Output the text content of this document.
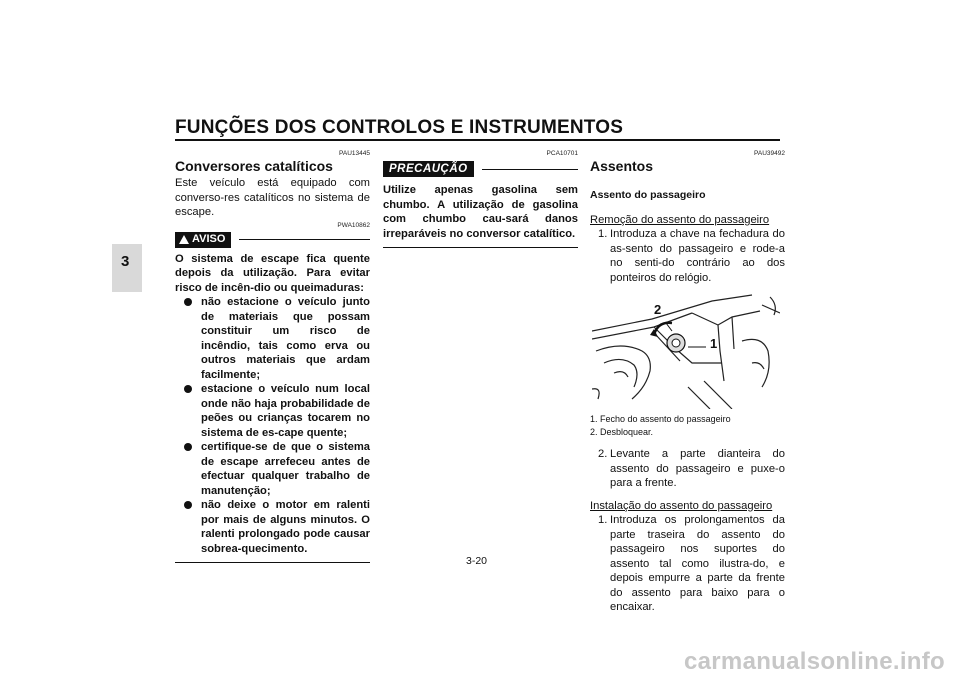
FUNÇÕES DOS CONTROLOS E INSTRUMENTOS
3
PAU13445
Conversores catalíticos

Este veículo está equipado com converso-res catalíticos no sistema de escape.

PWA10862
AVISO

O sistema de escape fica quente depois da utilização. Para evitar risco de incên-dio ou queimaduras:

não estacione o veículo junto de materiais que possam constituir um risco de incêndio, tais como erva ou outros materiais que ardam facilmente;
estacione o veículo num local onde não haja probabilidade de peões ou crianças tocarem no sistema de es-cape quente;
certifique-se de que o sistema de escape arrefeceu antes de efectuar qualquer trabalho de manutenção;
não deixe o motor em ralenti por mais de alguns minutos. O ralenti prolongado pode causar sobrea-quecimento.
PCA10701
PRECAUÇÃO

Utilize apenas gasolina sem chumbo. A utilização de gasolina com chumbo cau-sará danos irreparáveis no conversor catalítico.

PAU39492
Assentos
Assento do passageiro

Remoção do assento do passageiro

1. Introduza a chave na fechadura do as-sento do passageiro e rode-a no senti-do contrário ao dos ponteiros do relógio.
2
1

1. Fecho do assento do passageiro

2. Desbloquear.

2. Levante a parte dianteira do assento do passageiro e puxe-o para a frente.

Instalação do assento do passageiro

1. Introduza os prolongamentos da parte traseira do assento do passageiro nos suportes do assento tal como ilustra-do, e depois empurre a parte da frente do assento para baixo para o encaixar.
3-20
carmanualsonline.info
